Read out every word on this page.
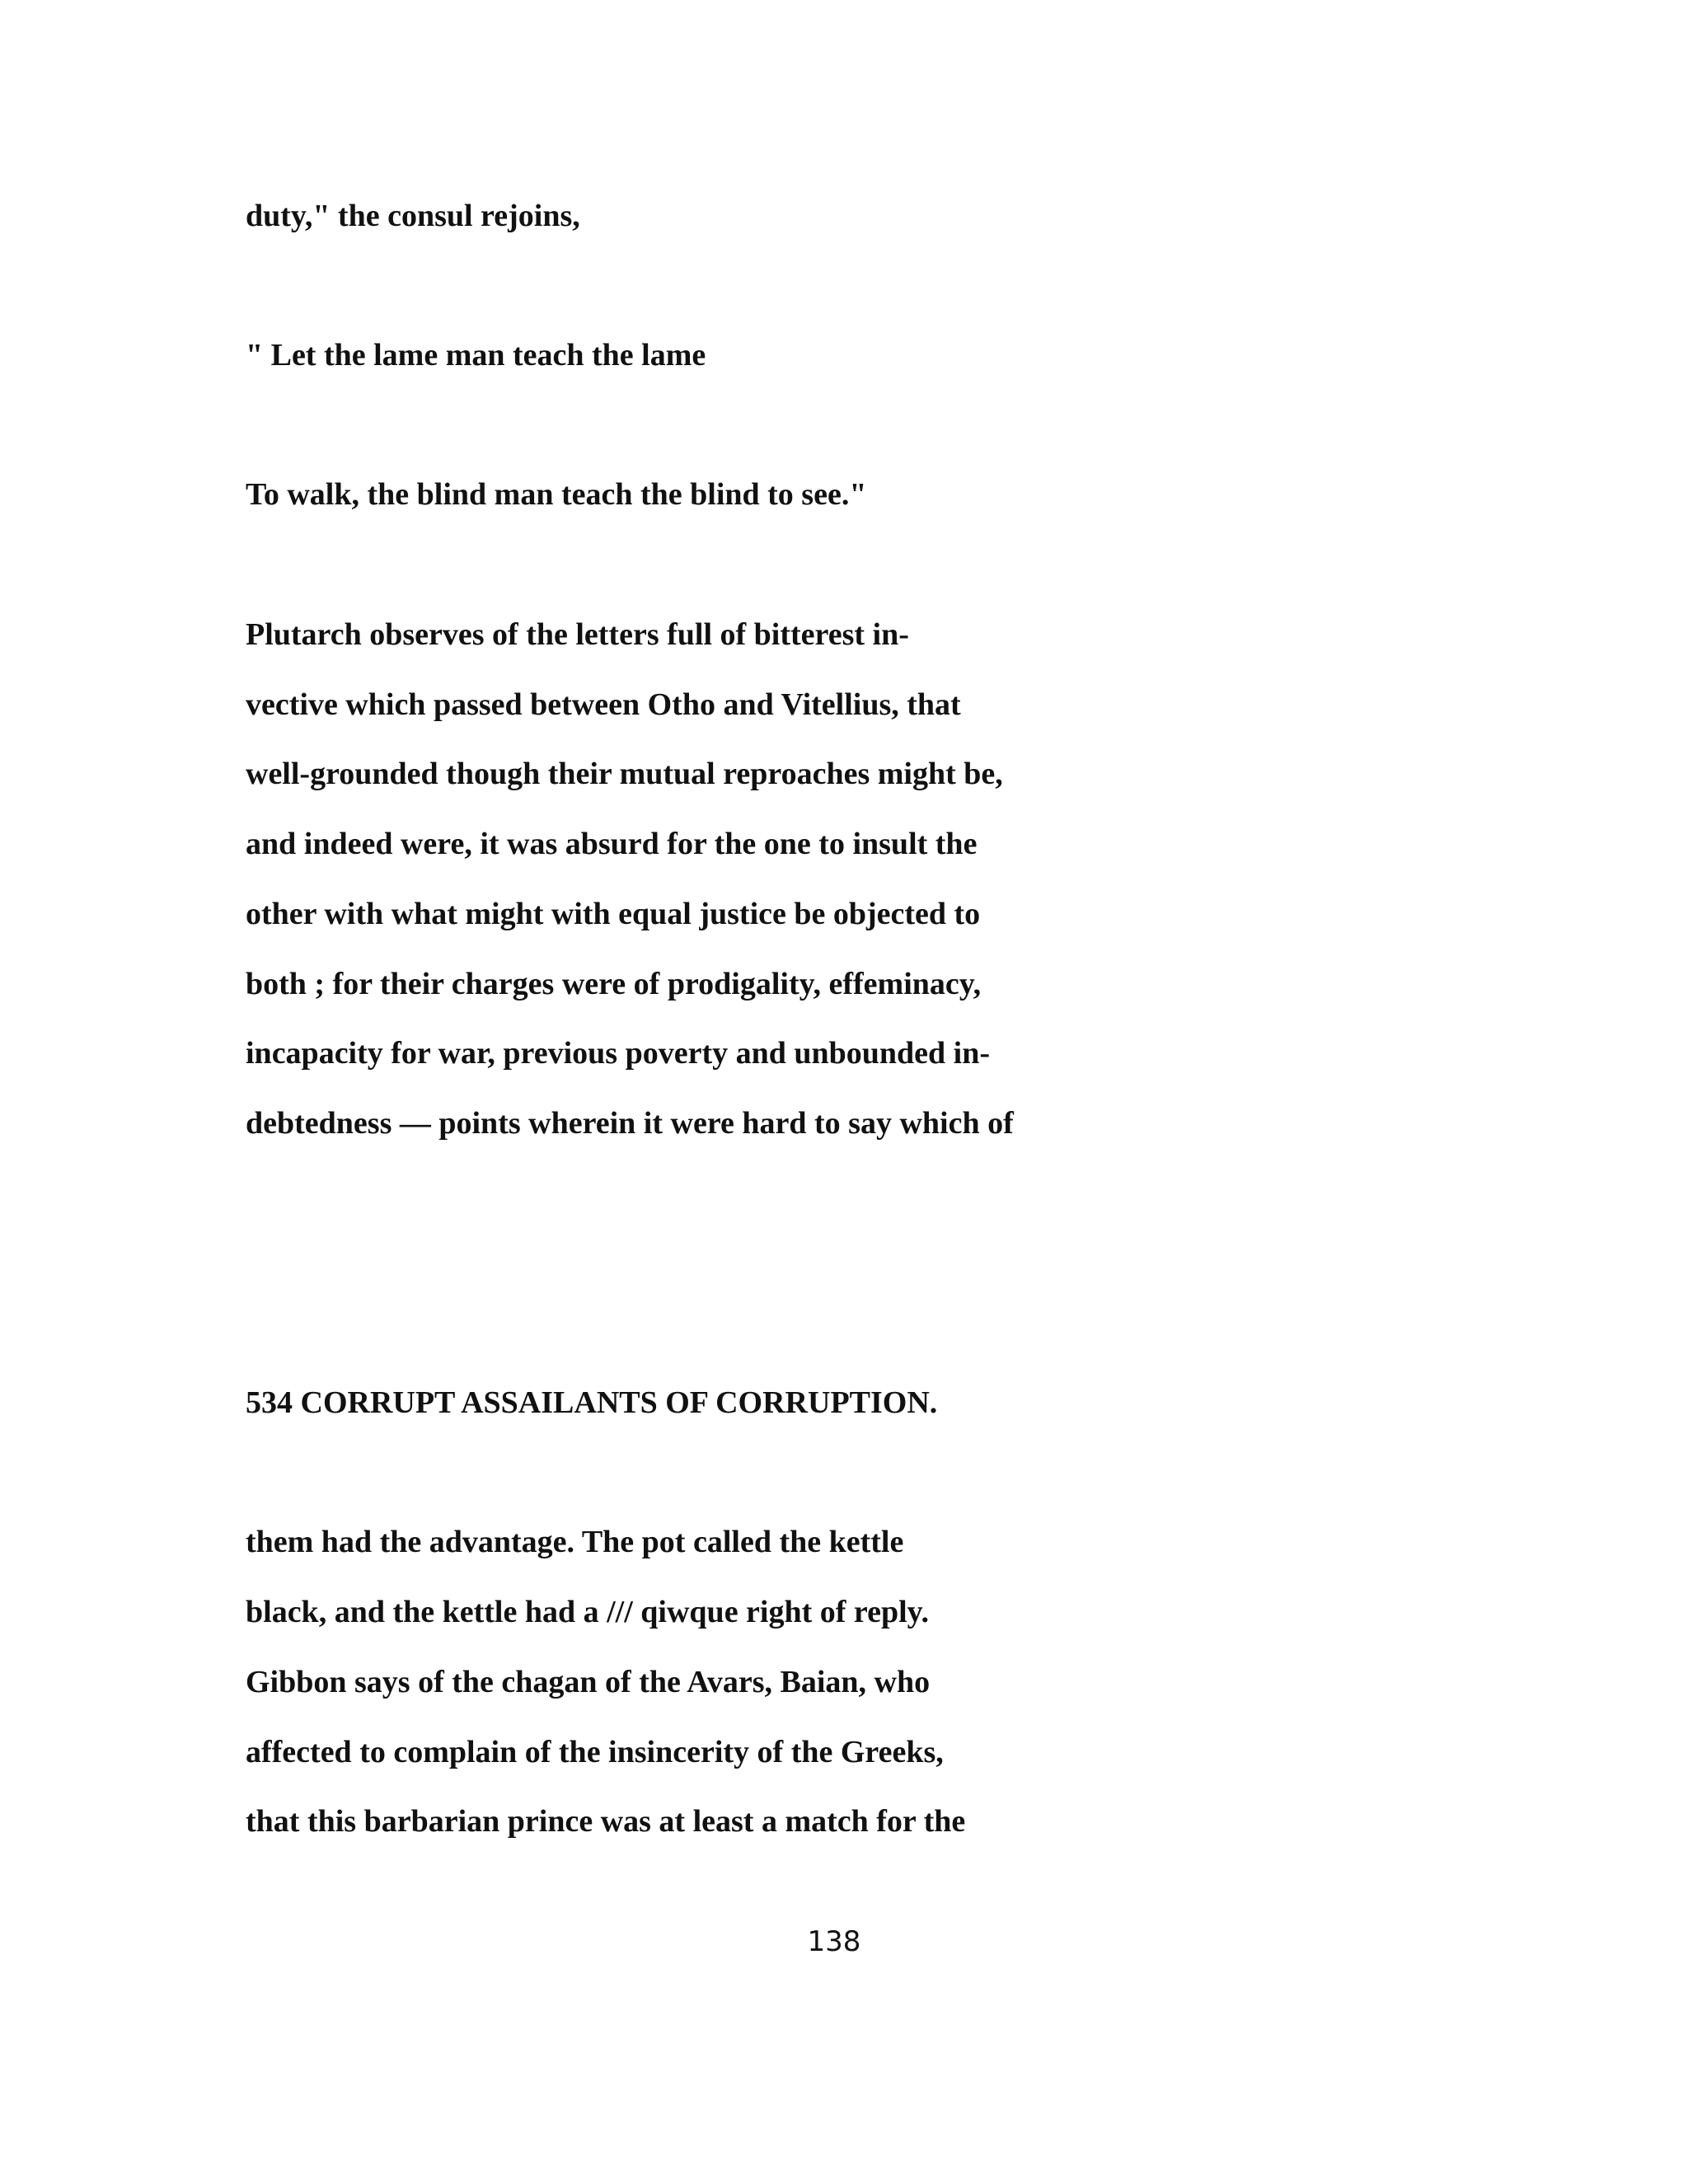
duty," the consul rejoins,

" Let the lame man teach the lame

To walk, the blind man teach the blind to see."

Plutarch observes of the letters full of bitterest in-

vective which passed between Otho and Vitellius, that

well-grounded though their mutual reproaches might be,

and indeed were, it was absurd for the one to insult the

other with what might with equal justice be objected to

both ; for their charges were of prodigality, effeminacy,

incapacity for war, previous poverty and unbounded in-

debtedness — points wherein it were hard to say which of

534 CORRUPT ASSAILANTS OF CORRUPTION.

them had the advantage. The pot called the kettle

black, and the kettle had a /// qiwque right of reply.

Gibbon says of the chagan of the Avars, Baian, who

affected to complain of the insincerity of the Greeks,

that this barbarian prince was at least a match for the

138
